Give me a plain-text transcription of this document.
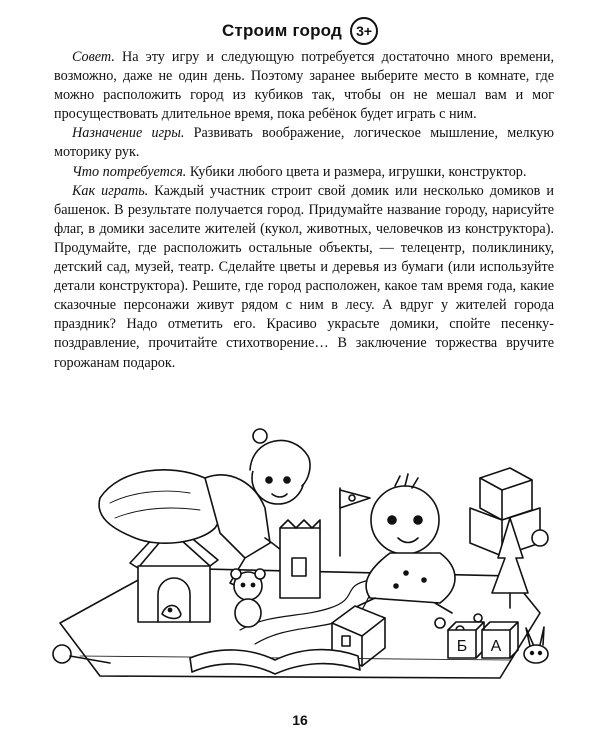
Строим город	3+

Совет. На эту игру и следующую потребуется достаточно много времени, возможно, даже не один день. Поэтому заранее выберите место в комнате, где можно расположить город из кубиков так, чтобы он не мешал вам и мог просуществовать длительное время, пока ребёнок будет играть с ним.

Назначение игры. Развивать воображение, логическое мышление, мелкую моторику рук.

Что потребуется. Кубики любого цвета и размера, игрушки, конструктор.

Как играть. Каждый участник строит свой домик или несколько домиков и башенок. В результате получается город. Придумайте название городу, нарисуйте флаг, в домики заселите жителей (кукол, животных, человечков из конструктора). Продумайте, где расположить остальные объекты, — телецентр, поликлинику, детский сад, музей, театр. Сделайте цветы и деревья из бумаги (или используйте детали конструктора). Решите, где город расположен, какое там время года, какие сказочные персонажи живут рядом с ним в лесу. А вдруг у жителей города праздник? Надо отметить его. Красиво украсьте домики, спойте песенку-поздравление, прочитайте стихотворение… В заключение торжества вручите горожанам подарок.

Б А
16
